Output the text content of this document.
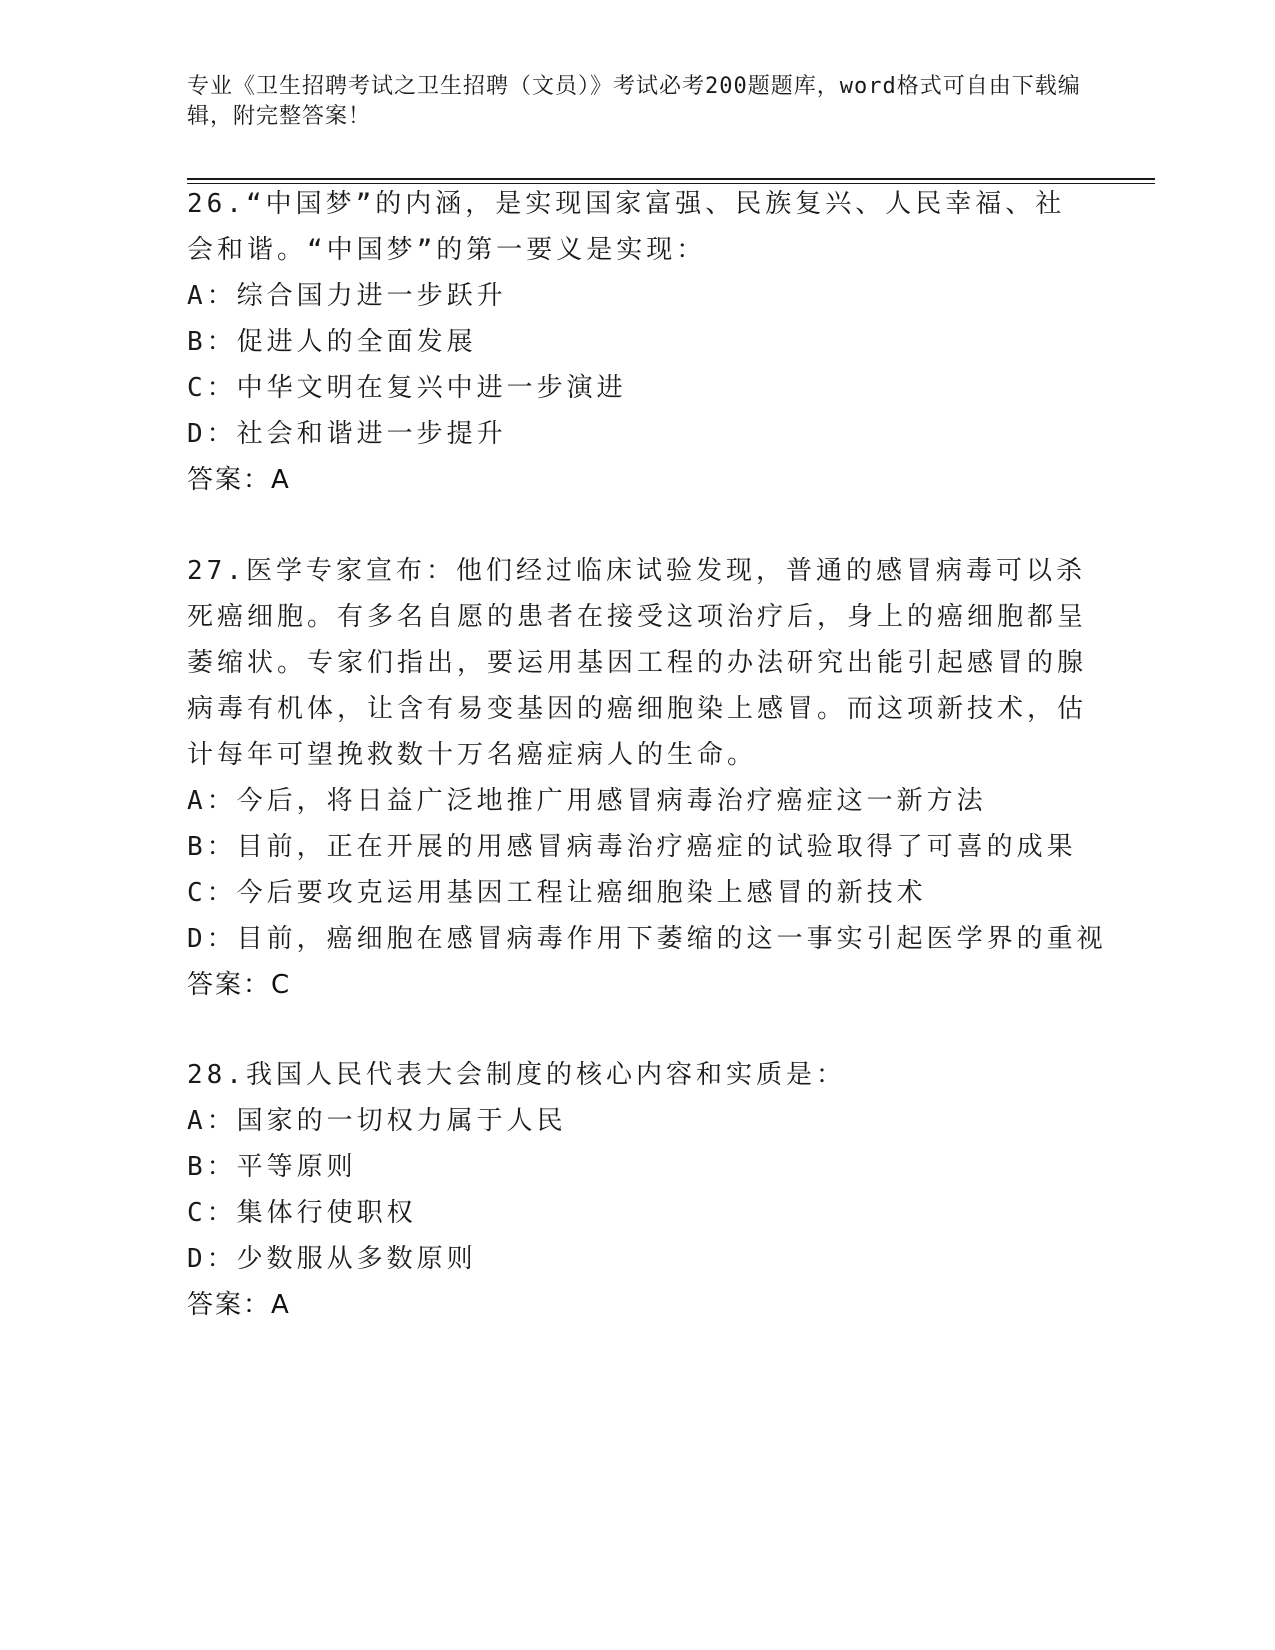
专业《卫生招聘考试之卫生招聘（文员）》考试必考200题题库，word格式可自由下载编辑，附完整答案！
26.“中国梦”的内涵，是实现国家富强、民族复兴、人民幸福、社会和谐。“中国梦”的第一要义是实现：
A：综合国力进一步跃升
B：促进人的全面发展
C：中华文明在复兴中进一步演进
D：社会和谐进一步提升
答案：A
27.医学专家宣布：他们经过临床试验发现，普通的感冒病毒可以杀死癌细胞。有多名自愿的患者在接受这项治疗后，身上的癌细胞都呈萎缩状。专家们指出，要运用基因工程的办法研究出能引起感冒的腺病毒有机体，让含有易变基因的癌细胞染上感冒。而这项新技术，估计每年可望挽救数十万名癌症病人的生命。
A：今后，将日益广泛地推广用感冒病毒治疗癌症这一新方法
B：目前，正在开展的用感冒病毒治疗癌症的试验取得了可喜的成果
C：今后要攻克运用基因工程让癌细胞染上感冒的新技术
D：目前，癌细胞在感冒病毒作用下萎缩的这一事实引起医学界的重视
答案：C
28.我国人民代表大会制度的核心内容和实质是：
A：国家的一切权力属于人民
B：平等原则
C：集体行使职权
D：少数服从多数原则
答案：A
